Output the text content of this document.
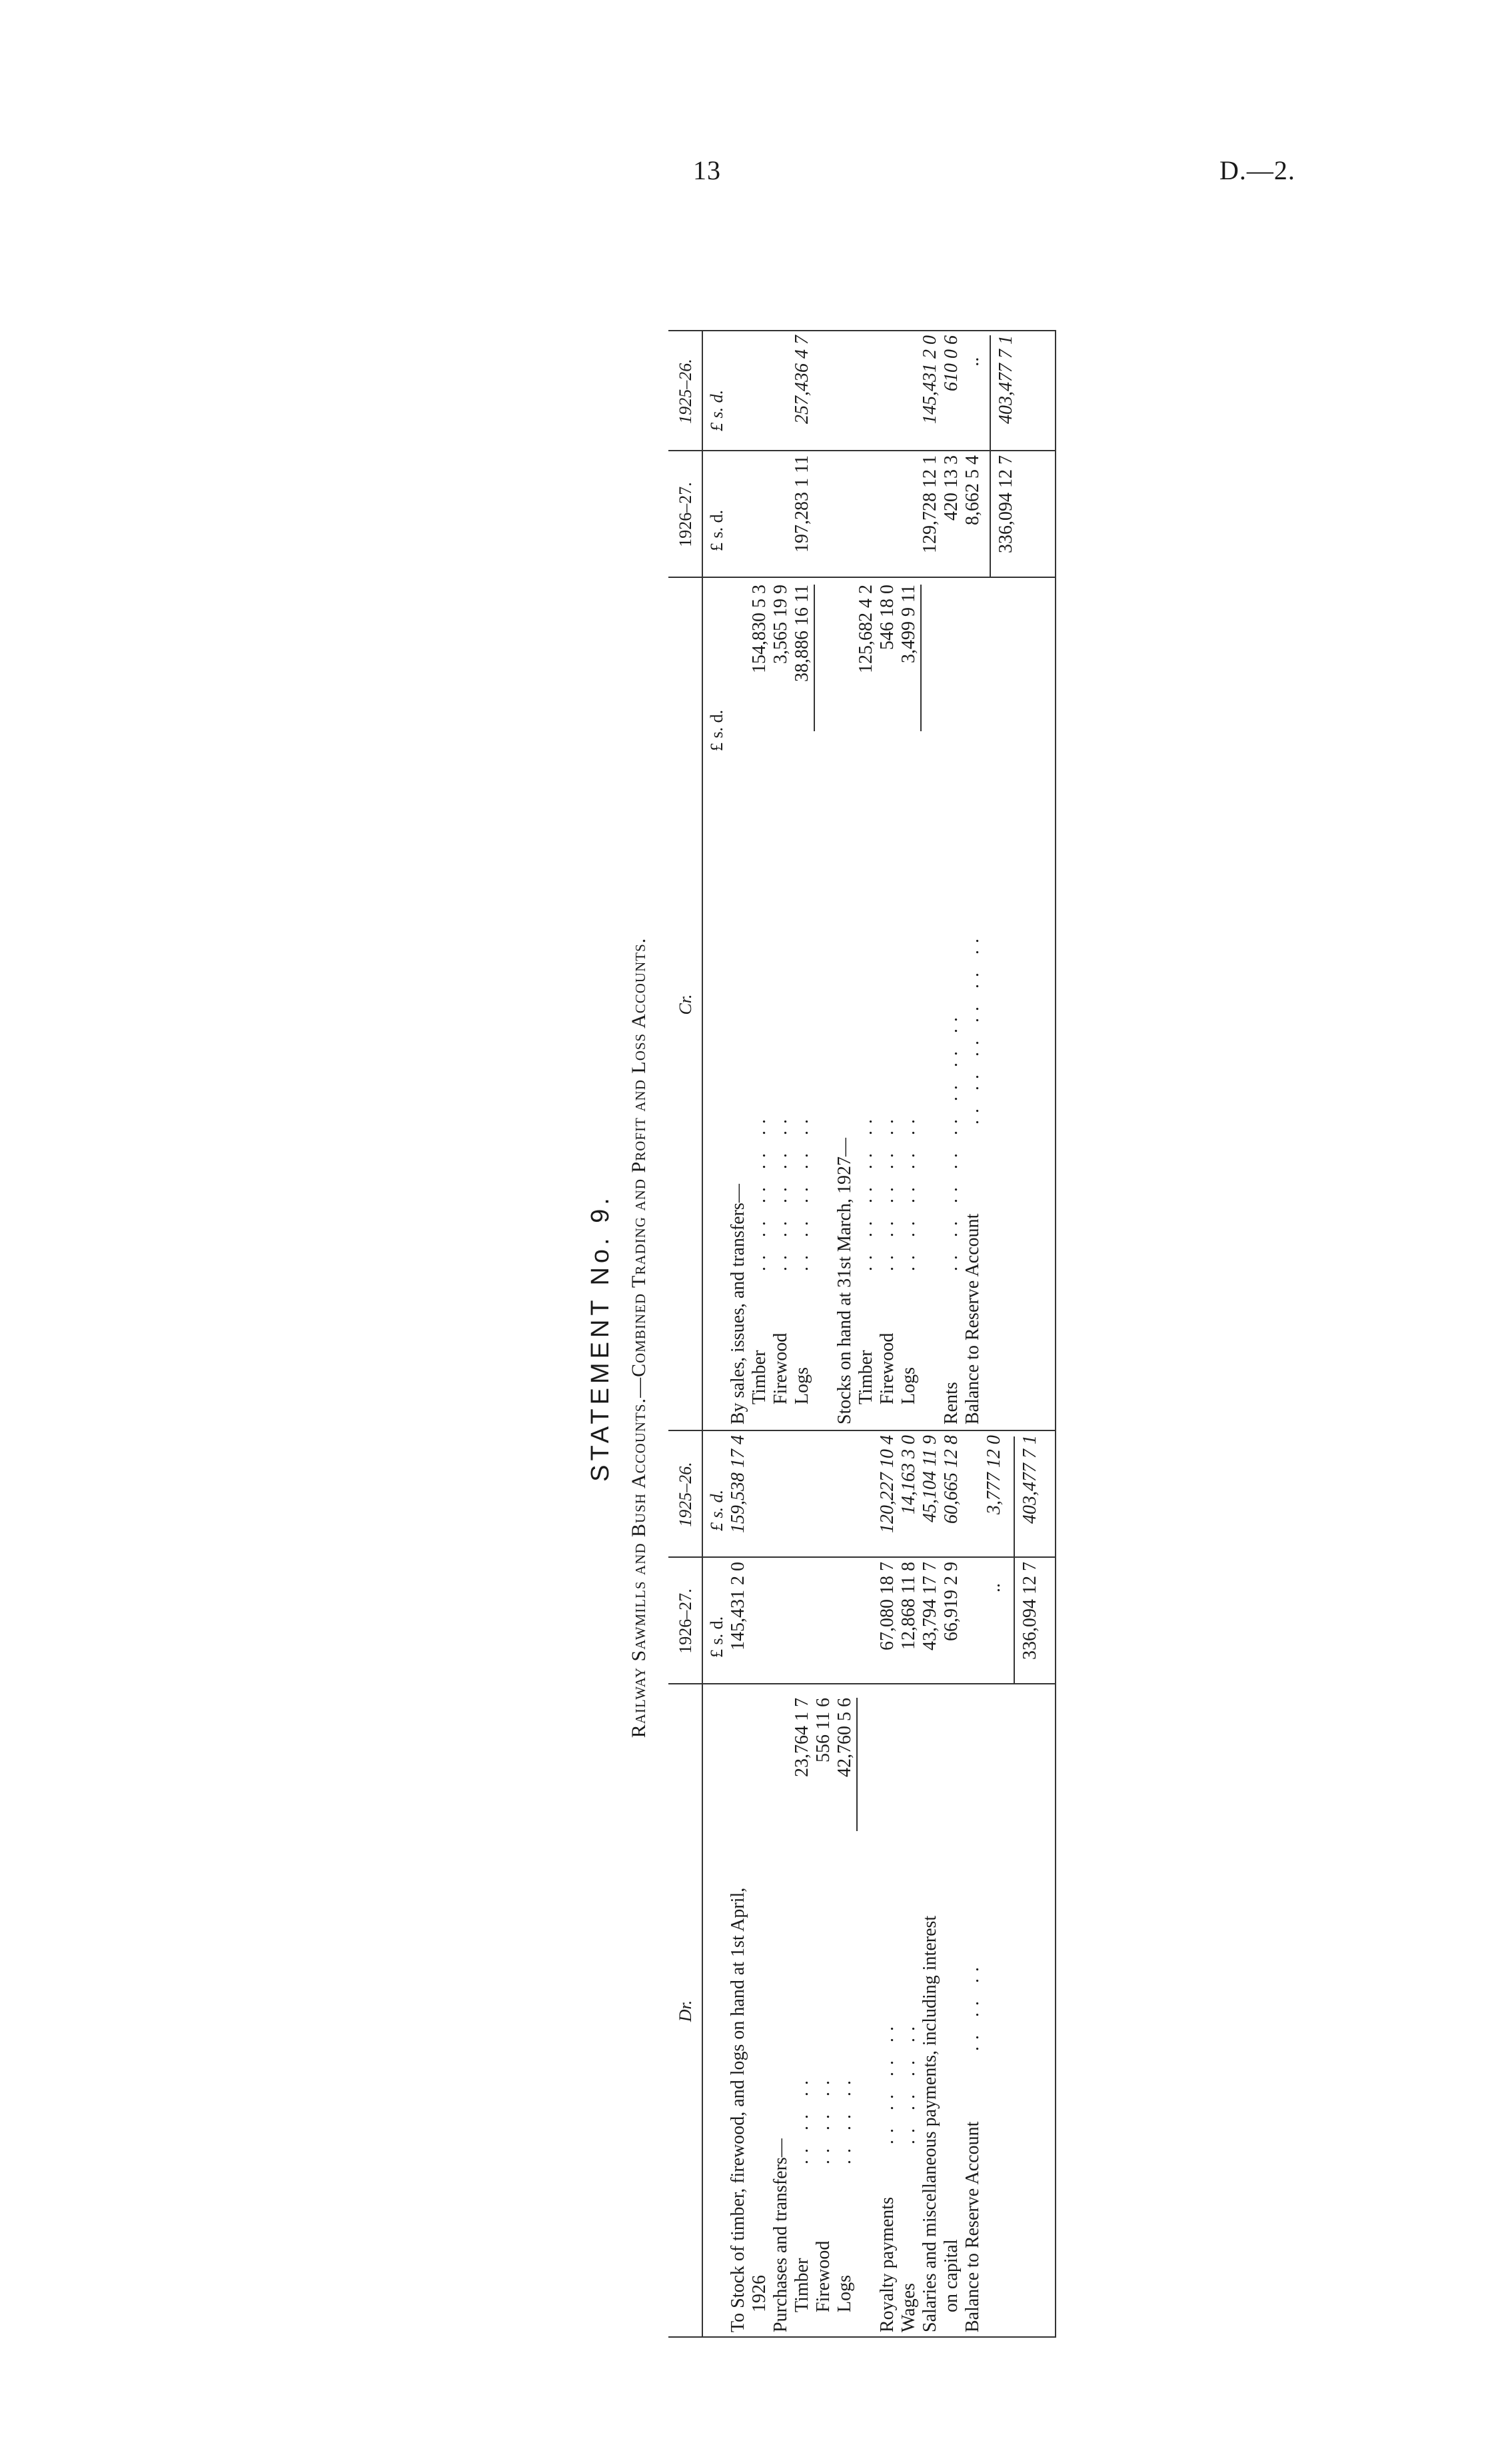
13	D.—2.
STATEMENT No. 9. Railway Sawmills and Bush Accounts.—Combined Trading and Profit and Loss Accounts.
Dr.
1926–27.
1925–26.
Cr.
1926–27.
1925–26.
£ s. d.
£ s. d.
£ s. d.
£ s. d.
£ s. d.
To Stock of timber, firewood, and logs on hand at 1st April, 1926
145,431 2 0
159,538 17 4
Purchases and transfers— Timber
.. .. ..
23,764 1 7
Firewood
.. .. ..
556 11 6
Logs
.. .. ..
42,760 5 6
Royalty payments
.. .. .. ..
67,080 18 7
120,227 10 4
Wages
.. .. .. ..
12,868 11 8
14,163 3 0
Salaries and miscellaneous payments, including interest
43,794 17 7
45,104 11 9
on capital
66,919 2 9
60,665 12 8
Balance to Reserve Account
.. .. ..
..
3,777 12 0
336,094 12 7
403,477 7 1
By sales, issues, and transfers— Timber
.. .. .. .. ..
154,830 5 3
Firewood
.. .. .. .. ..
3,565 19 9
Logs
.. .. .. .. ..
38,886 16 11
197,283 1 11
257,436 4 7
Stocks on hand at 31st March, 1927— Timber
.. .. .. .. ..
125,682 4 2
Firewood
.. .. .. .. ..
546 18 0
Logs
.. .. .. .. ..
3,499 9 11
129,728 12 1
145,431 2 0
Rents
.. .. .. .. .. .. .. ..
420 13 3
610 0 6
Balance to Reserve Account
.. .. .. .. .. ..
8,662 5 4
..
336,094 12 7
403,477 7 1
